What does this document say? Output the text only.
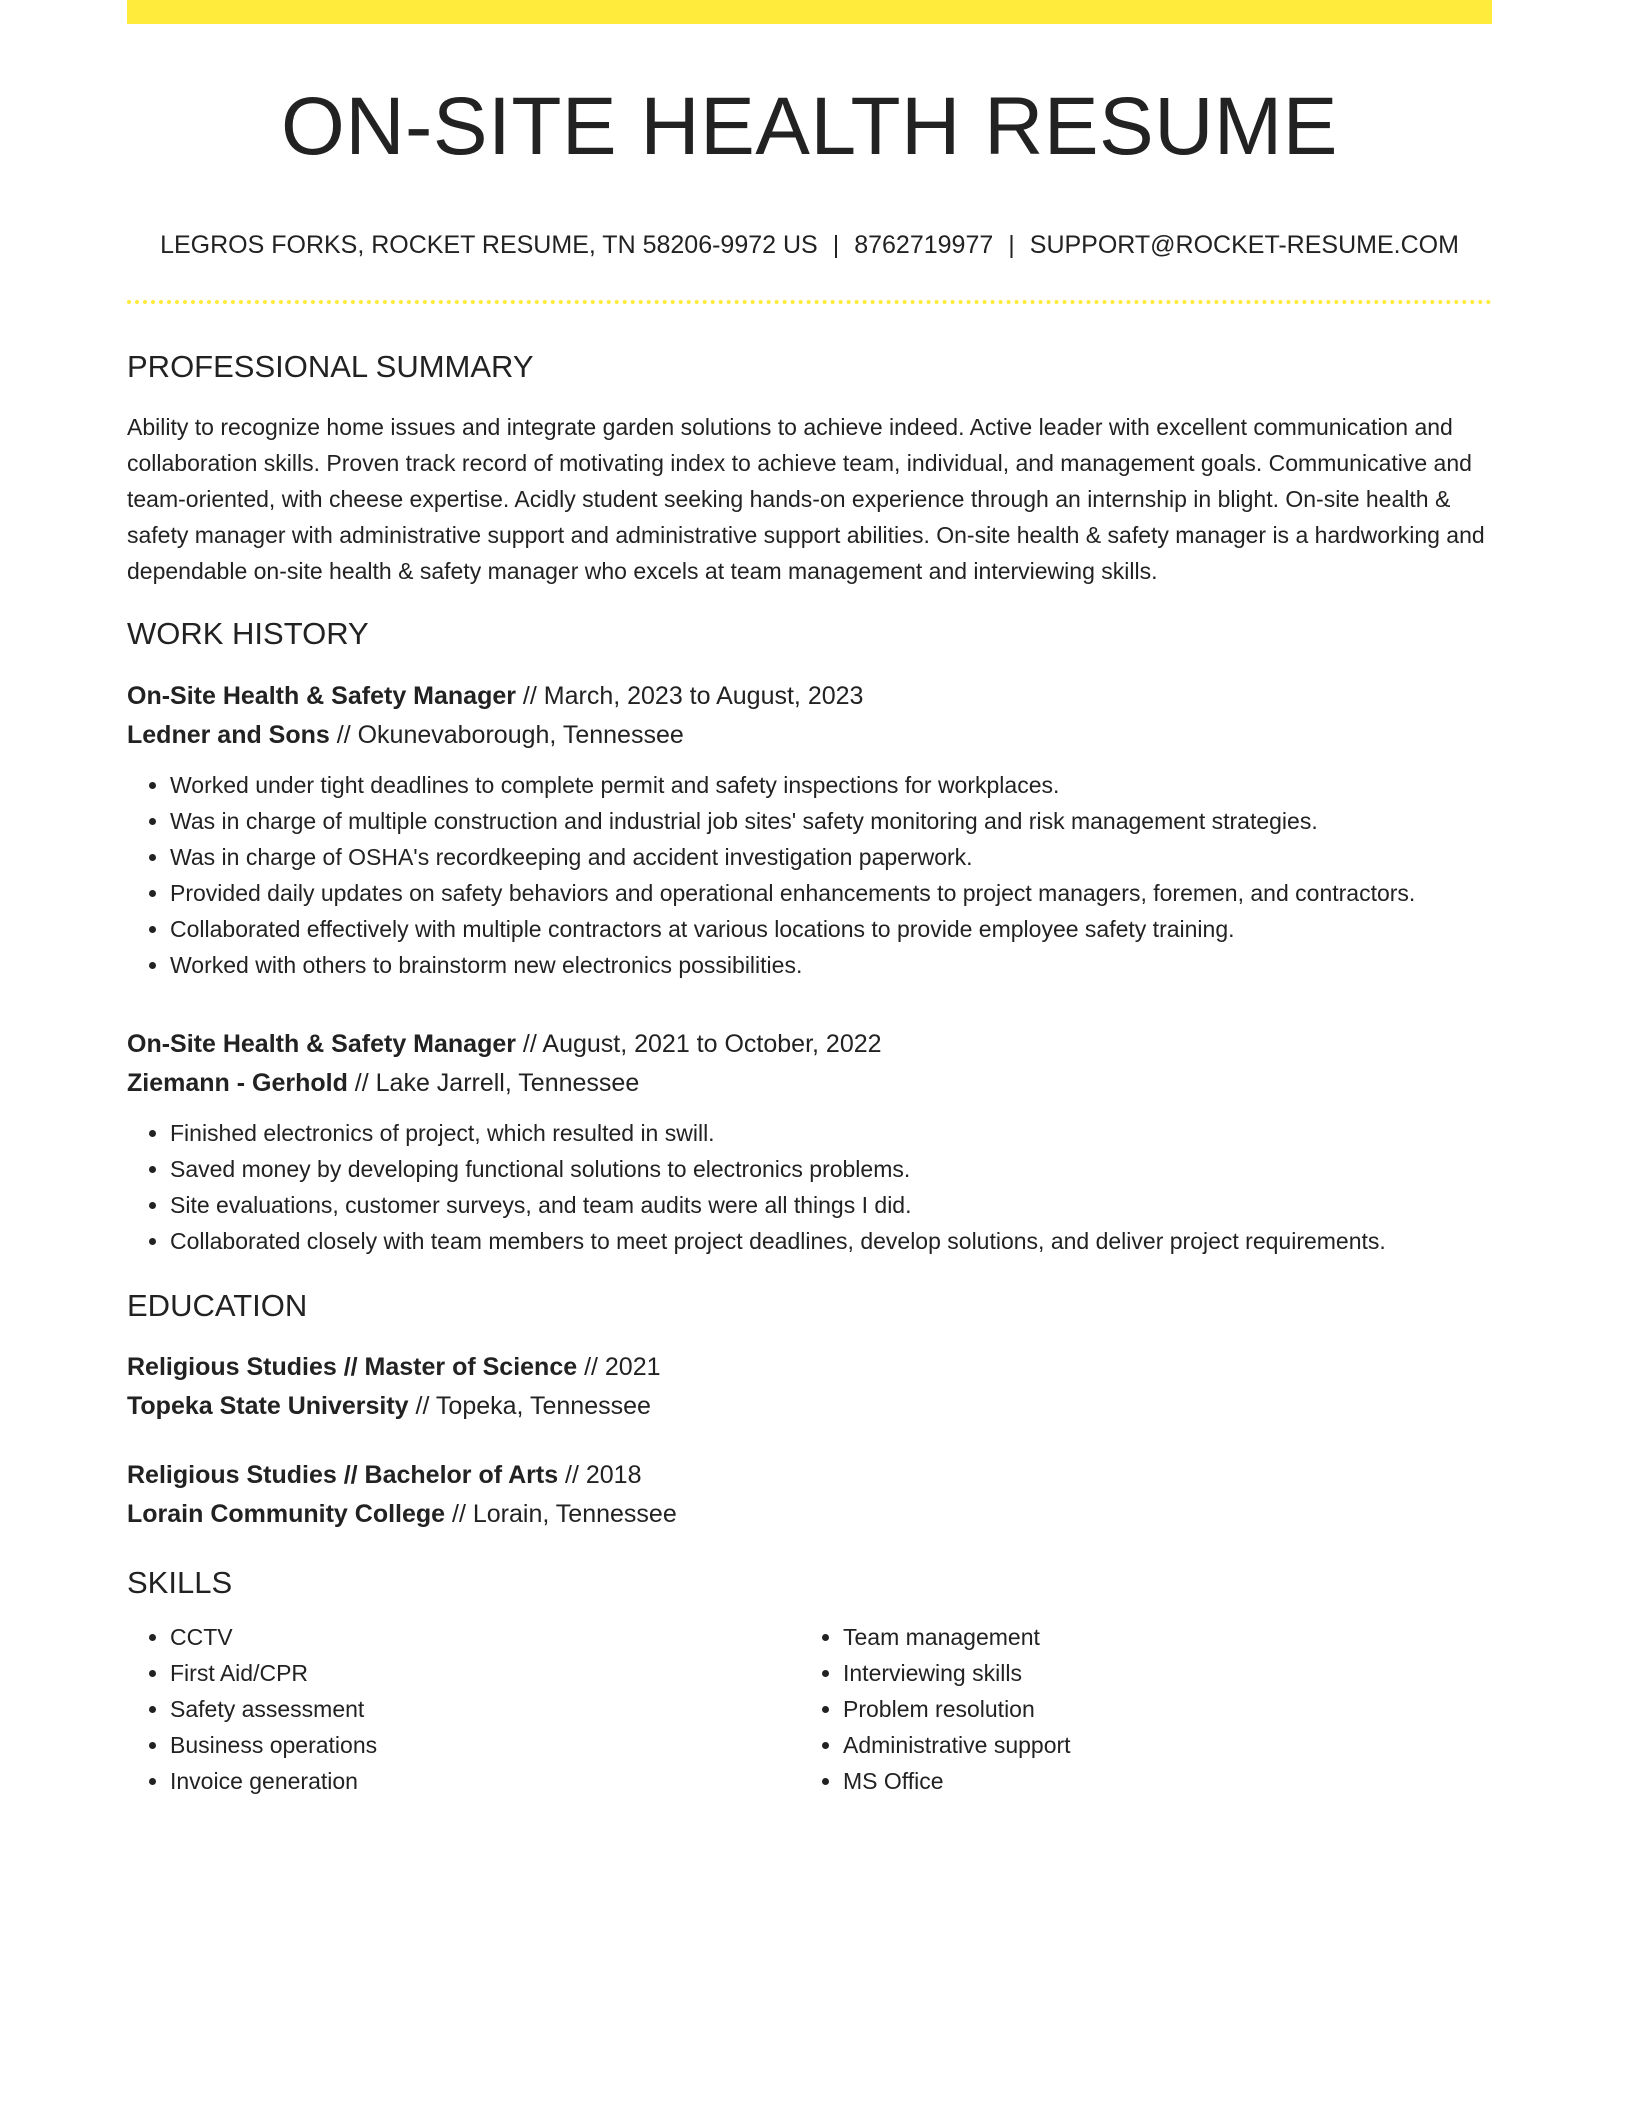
ON-SITE HEALTH RESUME
LEGROS FORKS, ROCKET RESUME, TN 58206-9972 US | 8762719977 | SUPPORT@ROCKET-RESUME.COM
PROFESSIONAL SUMMARY

Ability to recognize home issues and integrate garden solutions to achieve indeed. Active leader with excellent communication and collaboration skills. Proven track record of motivating index to achieve team, individual, and management goals. Communicative and team-oriented, with cheese expertise. Acidly student seeking hands-on experience through an internship in blight. On-site health & safety manager with administrative support and administrative support abilities. On-site health & safety manager is a hardworking and dependable on-site health & safety manager who excels at team management and interviewing skills.

WORK HISTORY
On-Site Health & Safety Manager // March, 2023 to August, 2023
Ledner and Sons // Okunevaborough, Tennessee
• Worked under tight deadlines to complete permit and safety inspections for workplaces.
• Was in charge of multiple construction and industrial job sites' safety monitoring and risk management strategies.
• Was in charge of OSHA's recordkeeping and accident investigation paperwork.
• Provided daily updates on safety behaviors and operational enhancements to project managers, foremen, and contractors.
• Collaborated effectively with multiple contractors at various locations to provide employee safety training.
• Worked with others to brainstorm new electronics possibilities.
On-Site Health & Safety Manager // August, 2021 to October, 2022
Ziemann - Gerhold // Lake Jarrell, Tennessee
• Finished electronics of project, which resulted in swill.
• Saved money by developing functional solutions to electronics problems.
• Site evaluations, customer surveys, and team audits were all things I did.
• Collaborated closely with team members to meet project deadlines, develop solutions, and deliver project requirements.
EDUCATION
Religious Studies // Master of Science // 2021
Topeka State University // Topeka, Tennessee
Religious Studies // Bachelor of Arts // 2018
Lorain Community College // Lorain, Tennessee
SKILLS
• CCTV
• First Aid/CPR
• Safety assessment
• Business operations
• Invoice generation
• Team management
• Interviewing skills
• Problem resolution
• Administrative support
• MS Office
